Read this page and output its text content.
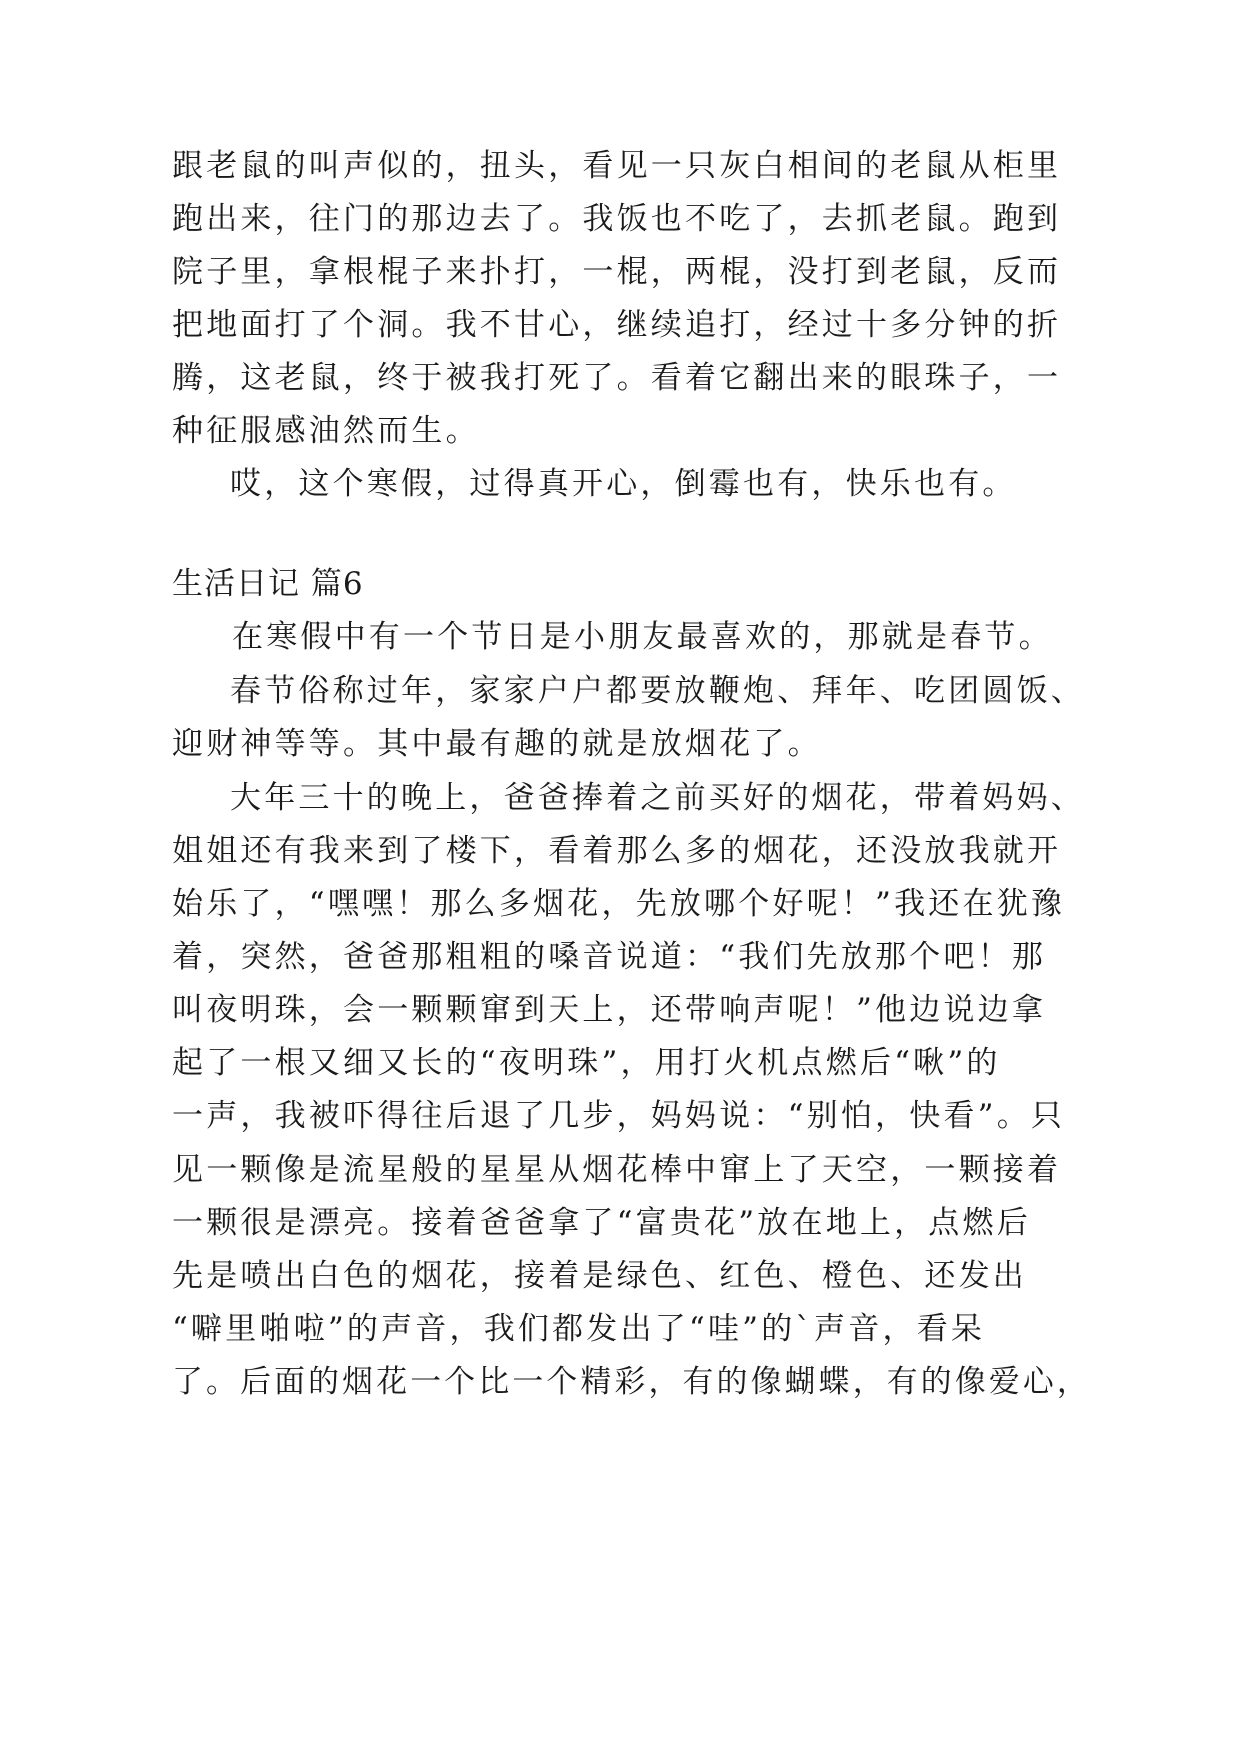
跟老鼠的叫声似的，扭头，看见一只灰白相间的老鼠从柜里
跑出来，往门的那边去了。我饭也不吃了，去抓老鼠。跑到
院子里，拿根棍子来扑打，一棍，两棍，没打到老鼠，反而
把地面打了个洞。我不甘心，继续追打，经过十多分钟的折
腾，这老鼠，终于被我打死了。看着它翻出来的眼珠子，一
种征服感油然而生。
哎，这个寒假，过得真开心，倒霉也有，快乐也有。
生活日记 篇6
在寒假中有一个节日是小朋友最喜欢的，那就是春节。
春节俗称过年，家家户户都要放鞭炮、拜年、吃团圆饭、
迎财神等等。其中最有趣的就是放烟花了。
大年三十的晚上，爸爸捧着之前买好的烟花，带着妈妈、
姐姐还有我来到了楼下，看着那么多的烟花，还没放我就开
始乐了，“嘿嘿！那么多烟花，先放哪个好呢！”我还在犹豫
着，突然，爸爸那粗粗的嗓音说道：“我们先放那个吧！那
叫夜明珠，会一颗颗窜到天上，还带响声呢！”他边说边拿
起了一根又细又长的“夜明珠”，用打火机点燃后“啾”的
一声，我被吓得往后退了几步，妈妈说：“别怕，快看”。只
见一颗像是流星般的星星从烟花棒中窜上了天空，一颗接着
一颗很是漂亮。接着爸爸拿了“富贵花”放在地上，点燃后
先是喷出白色的烟花，接着是绿色、红色、橙色、还发出
“噼里啪啦”的声音，我们都发出了“哇”的`声音，看呆
了。后面的烟花一个比一个精彩，有的像蝴蝶，有的像爱心，
